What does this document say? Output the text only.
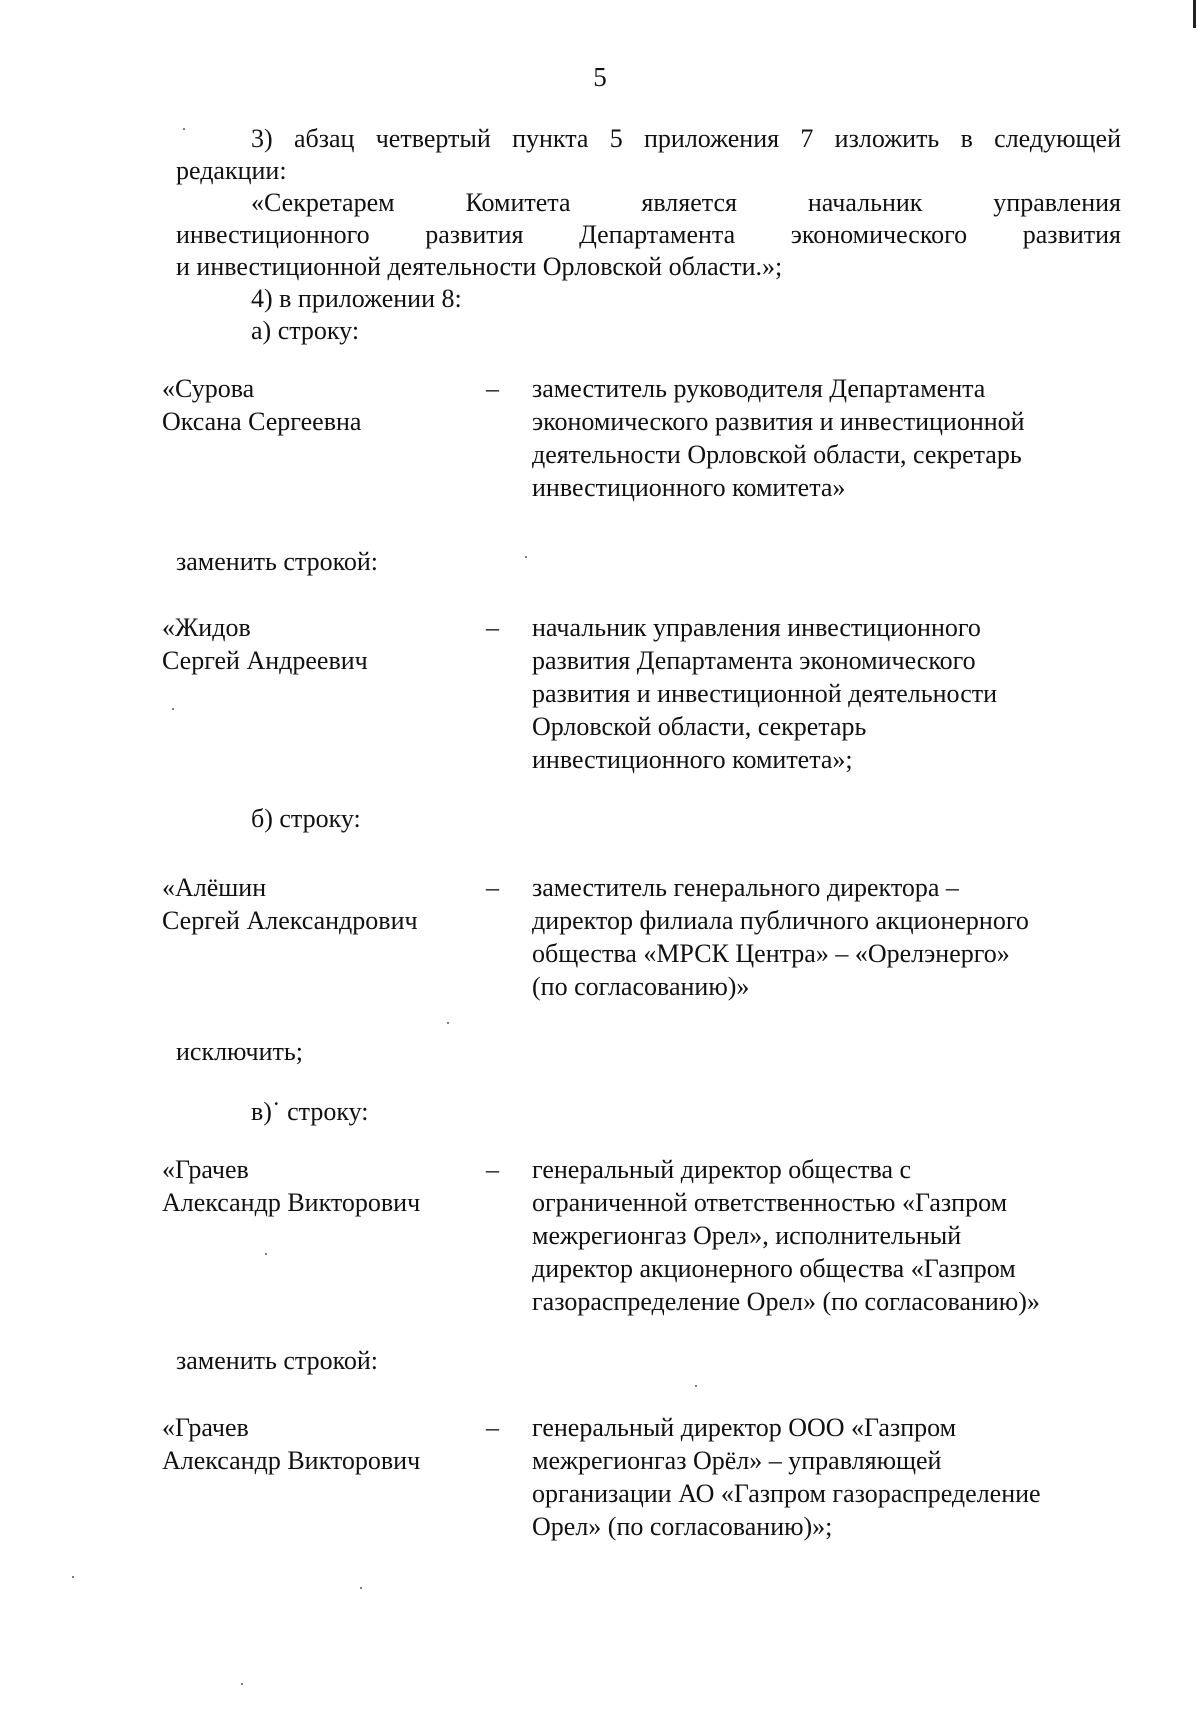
5
3) абзац четвертый пункта 5 приложения 7 изложить в следующей
редакции:
«Секретарем Комитета является начальник управления
инвестиционного развития Департамента экономического развития
и инвестиционной деятельности Орловской области.»;
4) в приложении 8:
а) строку:
«Сурова
Оксана Сергеевна
– заместитель руководителя Департамента
экономического развития и инвестиционной
деятельности Орловской области, секретарь
инвестиционного комитета»
заменить строкой:
«Жидов
Сергей Андреевич
– начальник управления инвестиционного
развития Департамента экономического
развития и инвестиционной деятельности
Орловской области, секретарь
инвестиционного комитета»;
б) строку:
«Алёшин
Сергей Александрович
– заместитель генерального директора –
директор филиала публичного акционерного
общества «МРСК Центра» – «Орелэнерго»
(по согласованию)»
исключить;
в)˙ строку:
«Грачев
Александр Викторович
– генеральный директор общества с
ограниченной ответственностью «Газпром
межрегионгаз Орел», исполнительный
директор акционерного общества «Газпром
газораспределение Орел» (по согласованию)»
заменить строкой:
«Грачев
Александр Викторович
– генеральный директор ООО «Газпром
межрегионгаз Орёл» – управляющей
организации АО «Газпром газораспределение
Орел» (по согласованию)»;
